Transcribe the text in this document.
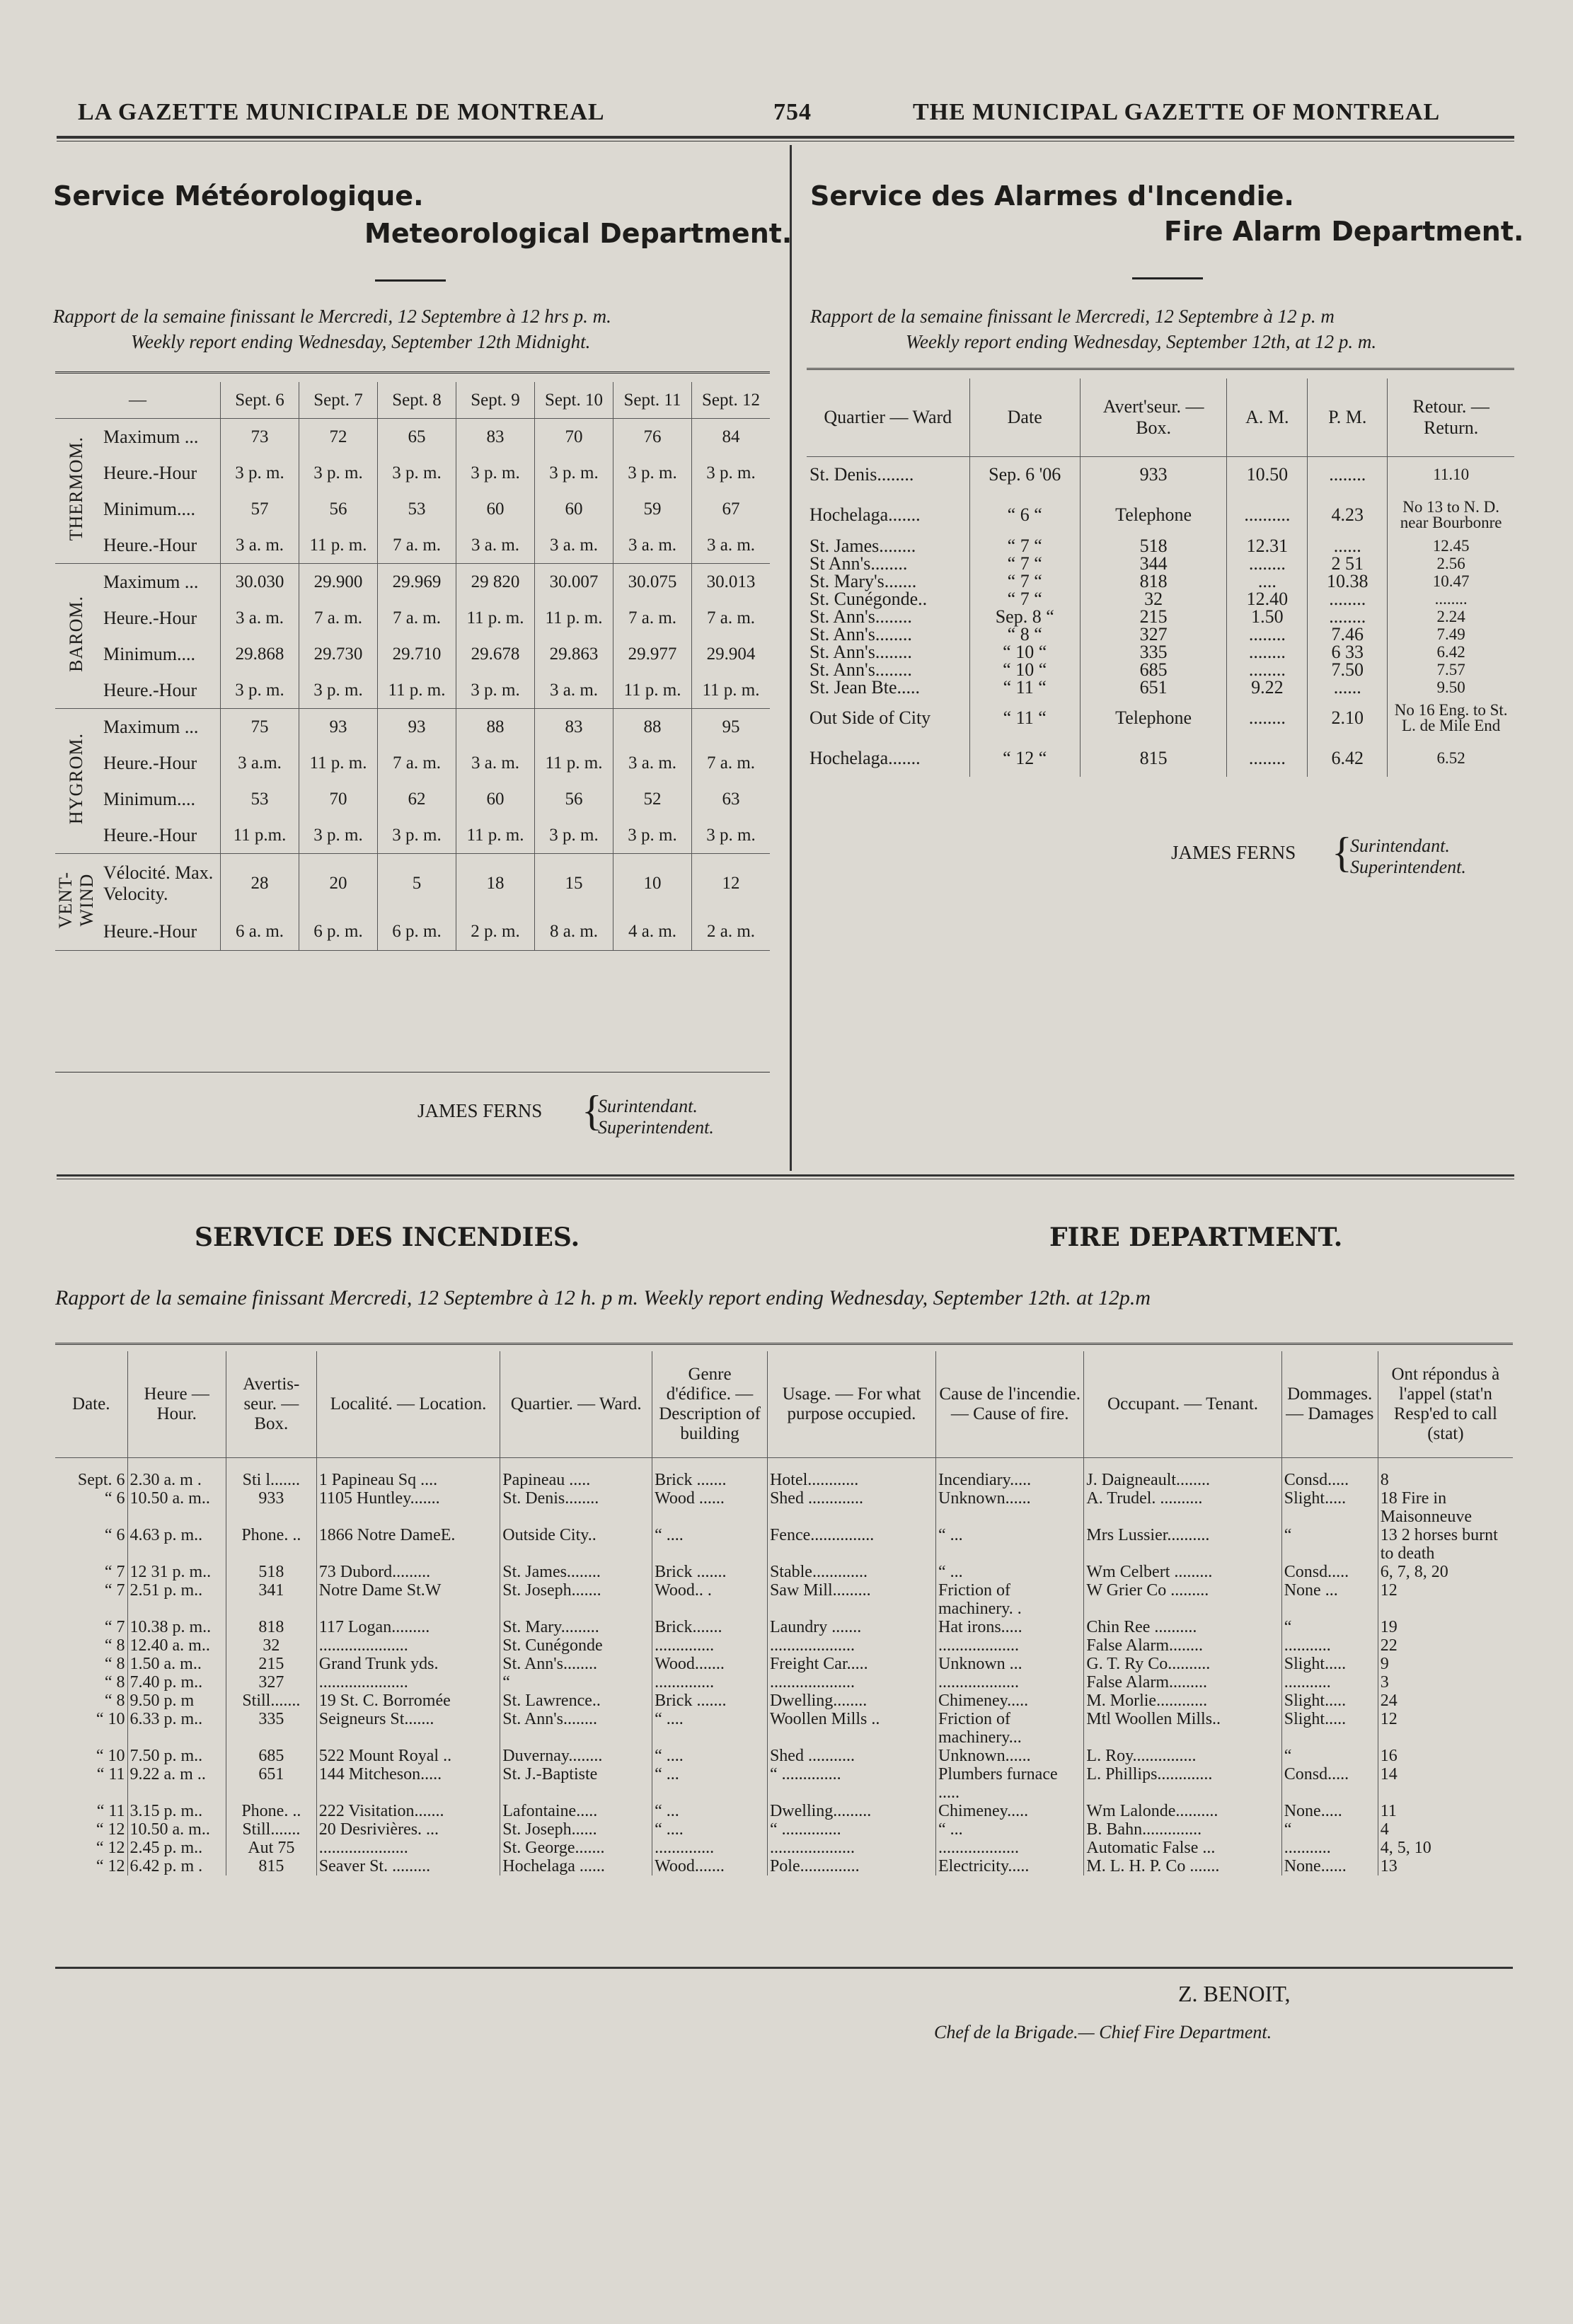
LA GAZETTE MUNICIPALE DE MONTREAL	754	THE MUNICIPAL GAZETTE OF MONTREAL
Service Météorologique.
Meteorological Department.
Rapport de la semaine finissant le Mercredi, 12 Septembre à 12 hrs p. m.
Weekly report ending Wednesday, September 12th Midnight.
—		Sept. 6	Sept. 7	Sept. 8	Sept. 9	Sept. 10	Sept. 11	Sept. 12
THERMOM.	Maximum ...	73	72	65	83	70	76	84
	Heure.-Hour	3 p. m.	3 p. m.	3 p. m.	3 p. m.	3 p. m.	3 p. m.	3 p. m.
	Minimum....	57	56	53	60	60	59	67
	Heure.-Hour	3 a. m.	11 p. m.	7 a. m.	3 a. m.	3 a. m.	3 a. m.	3 a. m.
BAROM.	Maximum ...	30.030	29.900	29.969	29 820	30.007	30.075	30.013
	Heure.-Hour	3 a. m.	7 a. m.	7 a. m.	11 p. m.	11 p. m.	7 a. m.	7 a. m.
	Minimum....	29.868	29.730	29.710	29.678	29.863	29.977	29.904
	Heure.-Hour	3 p. m.	3 p. m.	11 p. m.	3 p. m.	3 a. m.	11 p. m.	11 p. m.
HYGROM.	Maximum ...	75	93	93	88	83	88	95
	Heure.-Hour	3 a.m.	11 p. m.	7 a. m.	3 a. m.	11 p. m.	3 a. m.	7 a. m.
	Minimum....	53	70	62	60	56	52	63
	Heure.-Hour	11 p.m.	3 p. m.	3 p. m.	11 p. m.	3 p. m.	3 p. m.	3 p. m.
VENT-WIND	Vélocité. Max. Velocity.	28	20	5	18	15	10	12
	Heure.-Hour	6 a. m.	6 p. m.	6 p. m.	2 p. m.	8 a. m.	4 a. m.	2 a. m.
JAMES FERNS {
Surintendant.
Superintendent.
Service des Alarmes d'Incendie.
Fire Alarm Department.
Rapport de la semaine finissant le Mercredi, 12 Septembre à 12 p. m
Weekly report ending Wednesday, September 12th, at 12 p. m.
Quartier — Ward	Date	Avert'seur. — Box.	A. M.	P. M.	Retour. — Return.
St. Denis........	Sep. 6 '06	933	10.50	........	11.10
Hochelaga.......	“ 6 “	Telephone	..........	4.23	No 13 to N. D. near Bourbonre
St. James........	“ 7 “	518	12.31	......	12.45
St Ann's........	“ 7 “	344	........	2 51	2.56
St. Mary's.......	“ 7 “	818	....	10.38	10.47
St. Cunégonde..	“ 7 “	32	12.40	........	........
St. Ann's........	Sep. 8 “	215	1.50	........	2.24
St. Ann's........	“ 8 “	327	........	7.46	7.49
St. Ann's........	“ 10 “	335	........	6 33	6.42
St. Ann's........	“ 10 “	685	........	7.50	7.57
St. Jean Bte.....	“ 11 “	651	9.22	......	9.50
Out Side of City	“ 11 “	Telephone	........	2.10	No 16 Eng. to St. L. de Mile End
Hochelaga.......	“ 12 “	815	........	6.42	6.52
JAMES FERNS {
Surintendant.
Superintendent.
SERVICE DES INCENDIES.	FIRE DEPARTMENT.
Rapport de la semaine finissant Mercredi, 12 Septembre à 12 h. p m. Weekly report ending Wednesday, September 12th. at 12p.m
Date.	Heure — Hour.	Avertis-seur. — Box.	Localité. — Location.	Quartier. — Ward.	Genre d'édifice. — Description of building	Usage. — For what purpose occupied.	Cause de l'incendie. — Cause of fire.	Occupant. — Tenant.	Dommages. — Damages	Ont répondus à l'appel (stat'n Resp'ed to call (stat)
Sept. 6	2.30 a. m .	Sti l.......	1 Papineau Sq ....	Papineau .....	Brick .......	Hotel............	Incendiary.....	J. Daigneault........	Consd.....	8
“ 6	10.50 a. m..	933	1105 Huntley.......	St. Denis........	Wood ......	Shed .............	Unknown......	A. Trudel. ..........	Slight.....	18 Fire in Maisonneuve
“ 6	4.63 p. m..	Phone. ..	1866 Notre DameE.	Outside City..	“ ....	Fence...............	“ ...	Mrs Lussier..........	“	13 2 horses burnt to death
“ 7	12 31 p. m..	518	73 Dubord.........	St. James........	Brick .......	Stable.............	“ ...	Wm Celbert .........	Consd.....	6, 7, 8, 20
“ 7	2.51 p. m..	341	Notre Dame St.W	St. Joseph.......	Wood.. .	Saw Mill.........	Friction of machinery. .	W Grier Co .........	None ...	12
“ 7	10.38 p. m..	818	117 Logan.........	St. Mary.........	Brick.......	Laundry .......	Hat irons.....	Chin Ree ..........	“	19
“ 8	12.40 a. m..	32	.....................	St. Cunégonde	..............	....................	...................	False Alarm........	...........	22
“ 8	1.50 a. m..	215	Grand Trunk yds.	St. Ann's........	Wood.......	Freight Car.....	Unknown ...	G. T. Ry Co..........	Slight.....	9
“ 8	7.40 p. m..	327	.....................	“	..............	....................	...................	False Alarm.........	...........	3
“ 8	9.50 p. m	Still.......	19 St. C. Borromée	St. Lawrence..	Brick .......	Dwelling........	Chimeney.....	M. Morlie............	Slight.....	24
“ 10	6.33 p. m..	335	Seigneurs St.......	St. Ann's........	“ ....	Woollen Mills ..	Friction of machinery...	Mtl Woollen Mills..	Slight.....	12
“ 10	7.50 p. m..	685	522 Mount Royal ..	Duvernay........	“ ....	Shed ...........	Unknown......	L. Roy...............	“	16
“ 11	9.22 a. m ..	651	144 Mitcheson.....	St. J.-Baptiste	“ ...	“ ..............	Plumbers furnace .....	L. Phillips.............	Consd.....	14
“ 11	3.15 p. m..	Phone. ..	222 Visitation.......	Lafontaine.....	“ ...	Dwelling.........	Chimeney.....	Wm Lalonde..........	None.....	11
“ 12	10.50 a. m..	Still.......	20 Desrivières. ...	St. Joseph......	“ ....	“ ..............	“ ...	B. Bahn..............	“	4
“ 12	2.45 p. m..	Aut 75	.....................	St. George.......	..............	....................	...................	Automatic False ...	...........	4, 5, 10
“ 12	6.42 p. m .	815	Seaver St. .........	Hochelaga ......	Wood.......	Pole..............	Electricity.....	M. L. H. P. Co .......	None......	13
Z. BENOIT,
Chef de la Brigade.— Chief Fire Department.
